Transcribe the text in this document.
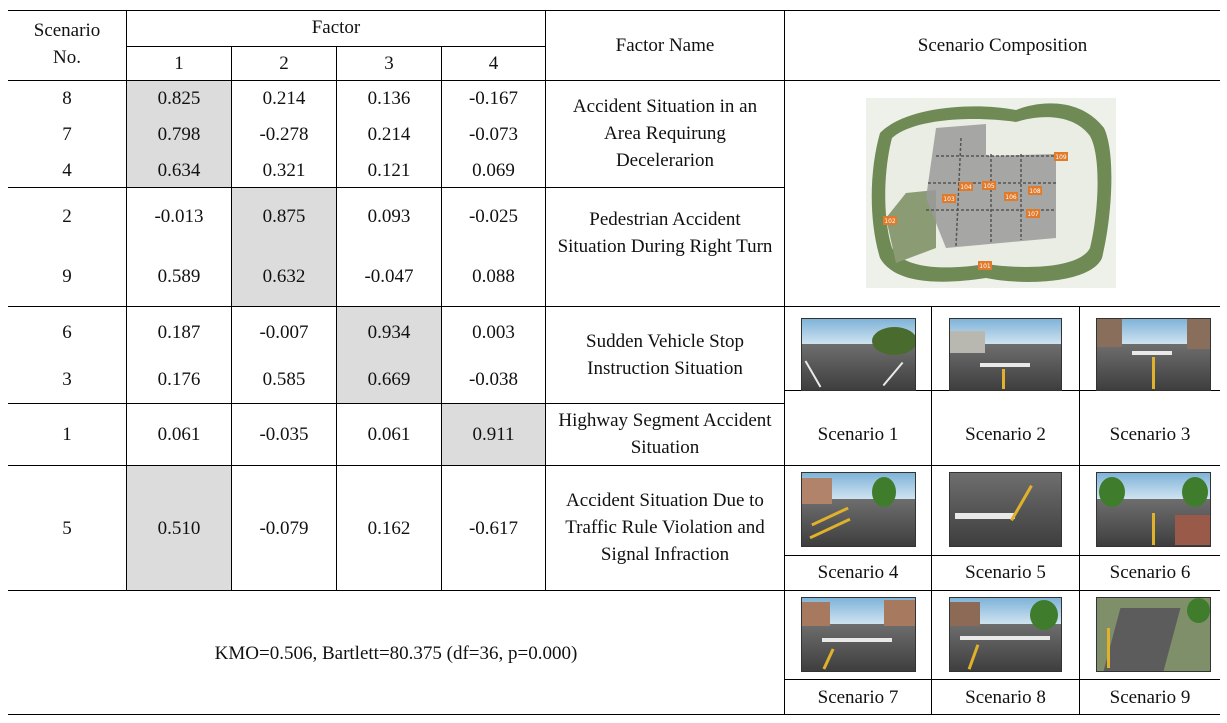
Scenario No.
Factor
1	2	3	4
Factor Name	Scenario Composition
8	0.825	0.214	0.136	-0.167
7	0.798	-0.278	0.214	-0.073
4	0.634	0.321	0.121	0.069
Accident Situation in an Area Requirung Decelerarion
2	-0.013	0.875	0.093	-0.025
9	0.589	0.632	-0.047	0.088
Pedestrian Accident Situation During Right Turn
6	0.187	-0.007	0.934	0.003
3	0.176	0.585	0.669	-0.038
Sudden Vehicle Stop Instruction Situation
1	0.061	-0.035	0.061	0.911
Highway Segment Accident Situation
5	0.510	-0.079	0.162	-0.617
Accident Situation Due to Traffic Rule Violation and Signal Infraction
KMO=0.506, Bartlett=80.375 (df=36, p=0.000)
101
102
103
104 105
106
107
108
109
Scenario 1	Scenario 2	Scenario 3
Scenario 4	Scenario 5	Scenario 6
Scenario 7	Scenario 8	Scenario 9
